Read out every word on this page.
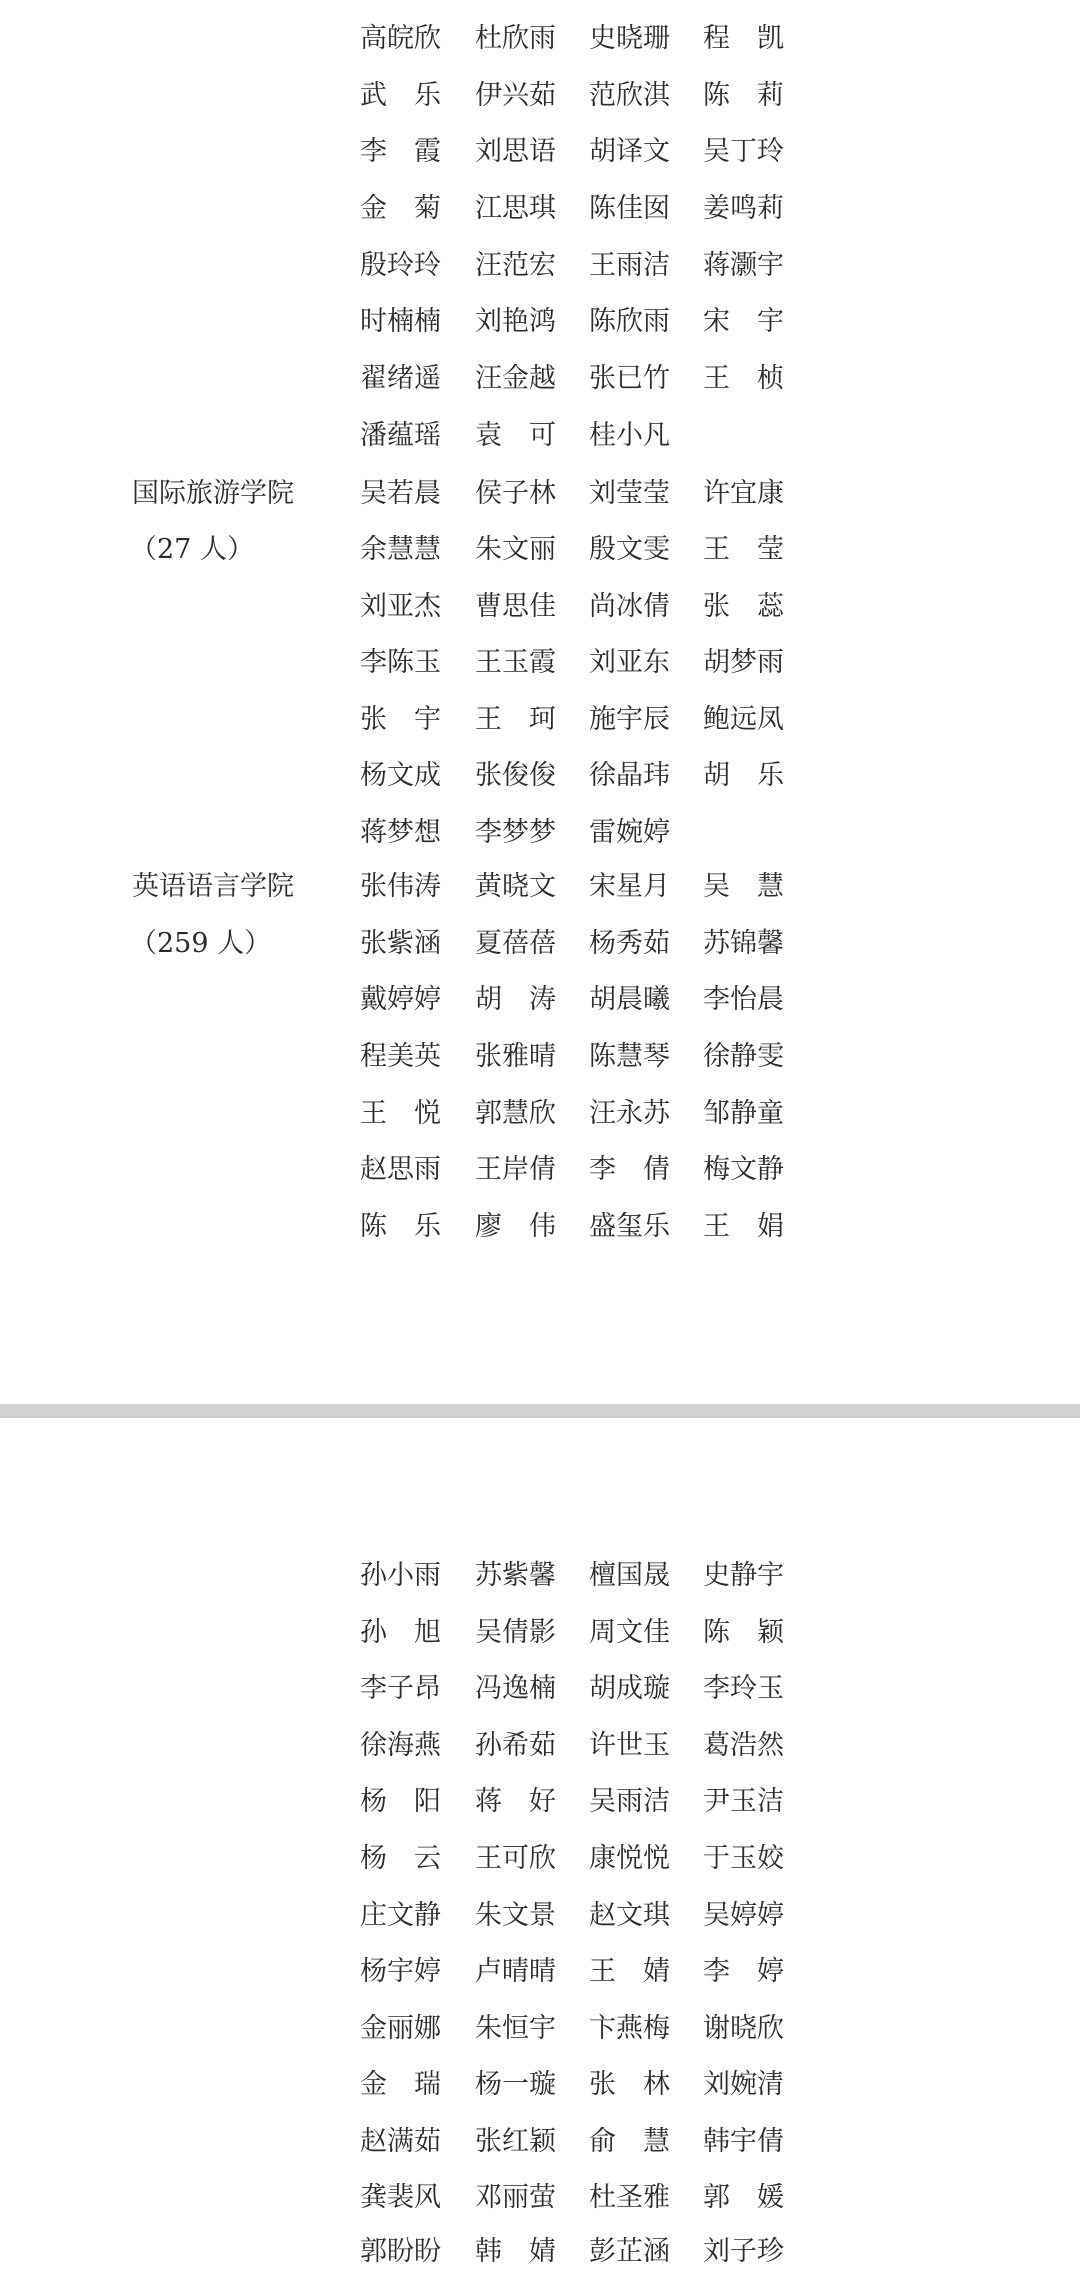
国际旅游学院
（27 人）
英语语言学院
（259 人）
高皖欣 杜欣雨 史晓珊 程　凯
武　乐 伊兴茹 范欣淇 陈　莉
李　霞 刘思语 胡译文 吴丁玲
金　菊 江思琪 陈佳囡 姜鸣莉
殷玲玲 汪范宏 王雨洁 蒋灏宇
时楠楠 刘艳鸿 陈欣雨 宋　宇
翟绪遥 汪金越 张已竹 王　桢
潘蕴瑶 袁　可 桂小凡
吴若晨 侯子林 刘莹莹 许宜康
余慧慧 朱文丽 殷文雯 王　莹
刘亚杰 曹思佳 尚冰倩 张　蕊
李陈玉 王玉霞 刘亚东 胡梦雨
张　宇 王　珂 施宇辰 鲍远凤
杨文成 张俊俊 徐晶玮 胡　乐
蒋梦想 李梦梦 雷婉婷
张伟涛 黄晓文 宋星月 吴　慧
张紫涵 夏蓓蓓 杨秀茹 苏锦馨
戴婷婷 胡　涛 胡晨曦 李怡晨
程美英 张雅晴 陈慧琴 徐静雯
王　悦 郭慧欣 汪永苏 邹静童
赵思雨 王岸倩 李　倩 梅文静
陈　乐 廖　伟 盛玺乐 王　娟
孙小雨 苏紫馨 檀国晟 史静宇
孙　旭 吴倩影 周文佳 陈　颖
李子昂 冯逸楠 胡成璇 李玲玉
徐海燕 孙希茹 许世玉 葛浩然
杨　阳 蒋　好 吴雨洁 尹玉洁
杨　云 王可欣 康悦悦 于玉姣
庄文静 朱文景 赵文琪 吴婷婷
杨宇婷 卢晴晴 王　婧 李　婷
金丽娜 朱恒宇 卞燕梅 谢晓欣
金　瑞 杨一璇 张　林 刘婉清
赵满茹 张红颖 俞　慧 韩宇倩
龚裴风 邓丽萤 杜圣雅 郭　媛
郭盼盼 韩　婧 彭芷涵 刘子珍
